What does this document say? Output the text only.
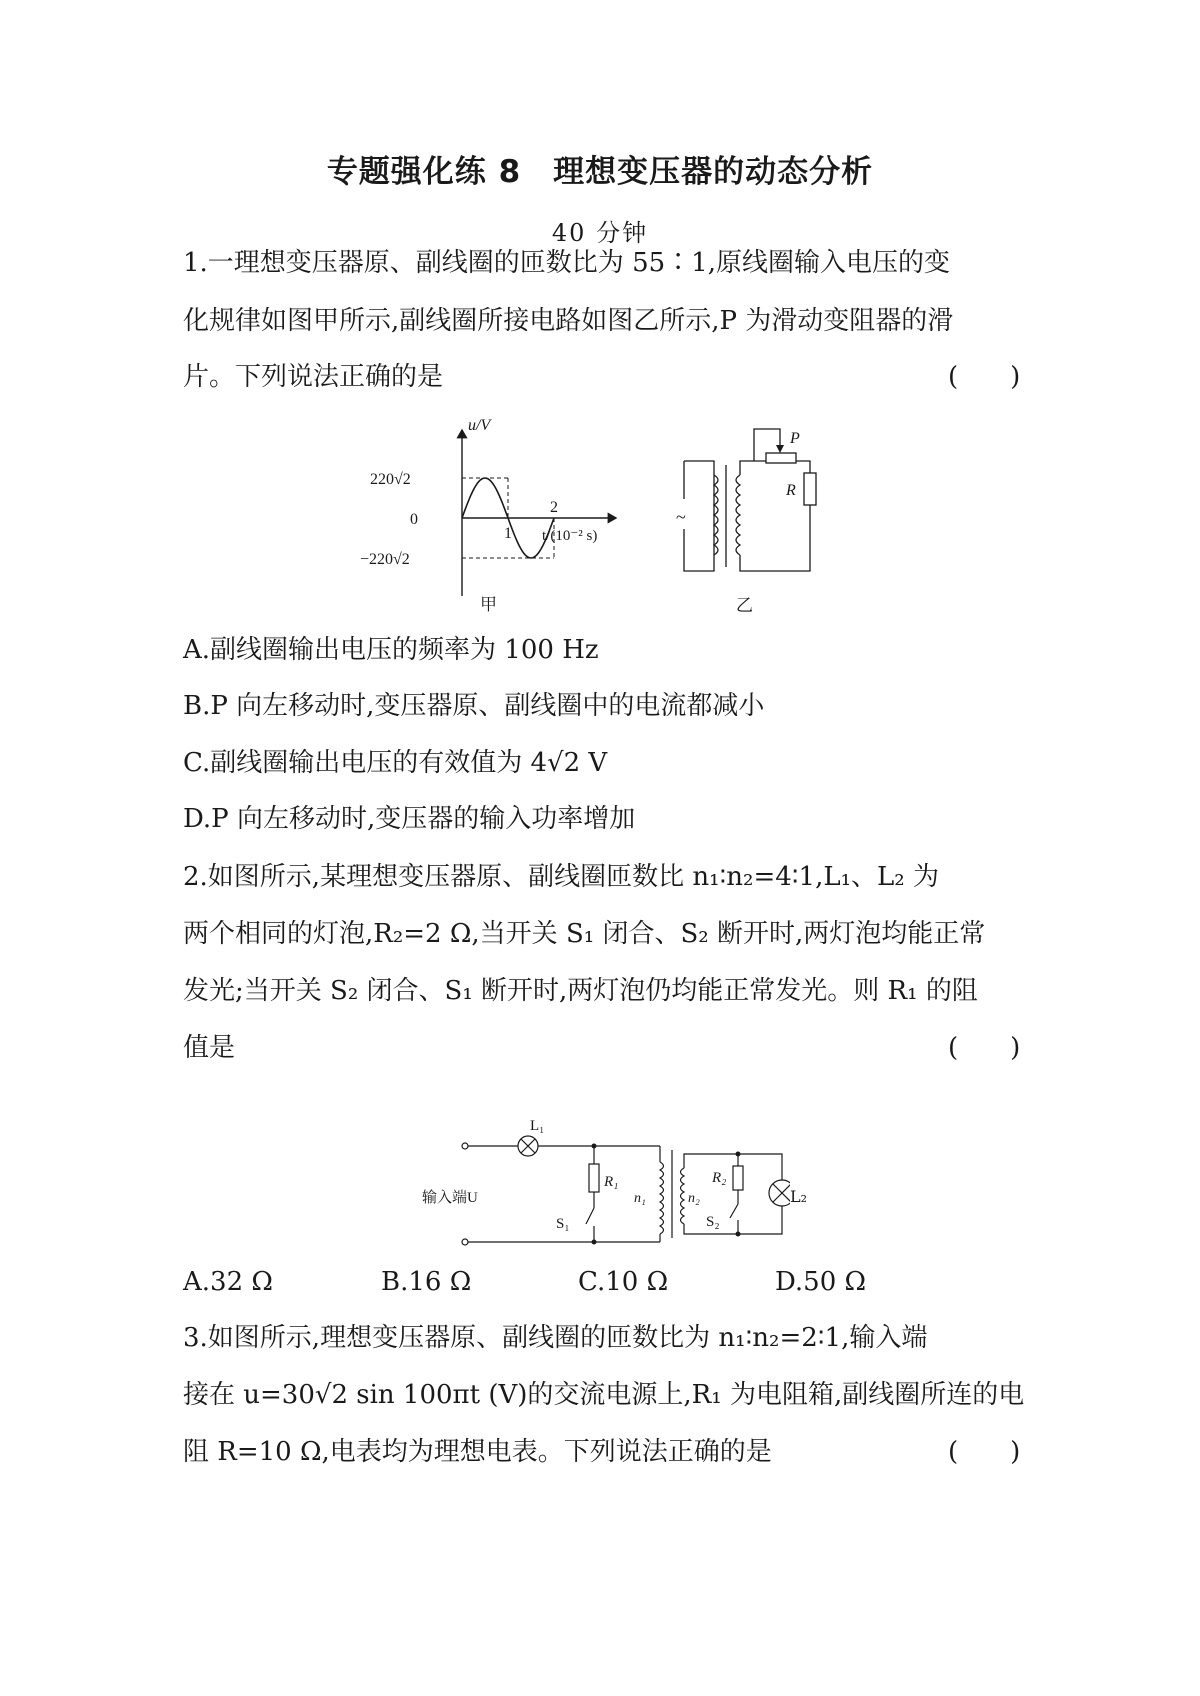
专题强化练 8　理想变压器的动态分析
40 分钟
1.一理想变压器原、副线圈的匝数比为 55∶1,原线圈输入电压的变
化规律如图甲所示,副线圈所接电路如图乙所示,P 为滑动变阻器的滑
片。下列说法正确的是	(　　)
u/V
220√2
0
−220√2
1
2
t/(10⁻² s)
甲
~
P
R
乙
A.副线圈输出电压的频率为 100 Hz
B.P 向左移动时,变压器原、副线圈中的电流都减小
C.副线圈输出电压的有效值为 4√2 V
D.P 向左移动时,变压器的输入功率增加
2.如图所示,某理想变压器原、副线圈匝数比 n₁∶n₂=4∶1,L₁、L₂ 为
两个相同的灯泡,R₂=2 Ω,当开关 S₁ 闭合、S₂ 断开时,两灯泡均能正常
发光;当开关 S₂ 闭合、S₁ 断开时,两灯泡仍均能正常发光。则 R₁ 的阻
值是	(　　)
L₁
R₁
S₁
输入端U	n₁	n₂
R₂
S₂
L₂
A.32 Ω	B.16 Ω	C.10 Ω	D.50 Ω
3.如图所示,理想变压器原、副线圈的匝数比为 n₁∶n₂=2∶1,输入端
接在 u=30√2 sin 100πt (V)的交流电源上,R₁ 为电阻箱,副线圈所连的电
阻 R=10 Ω,电表均为理想电表。下列说法正确的是	(　　)
